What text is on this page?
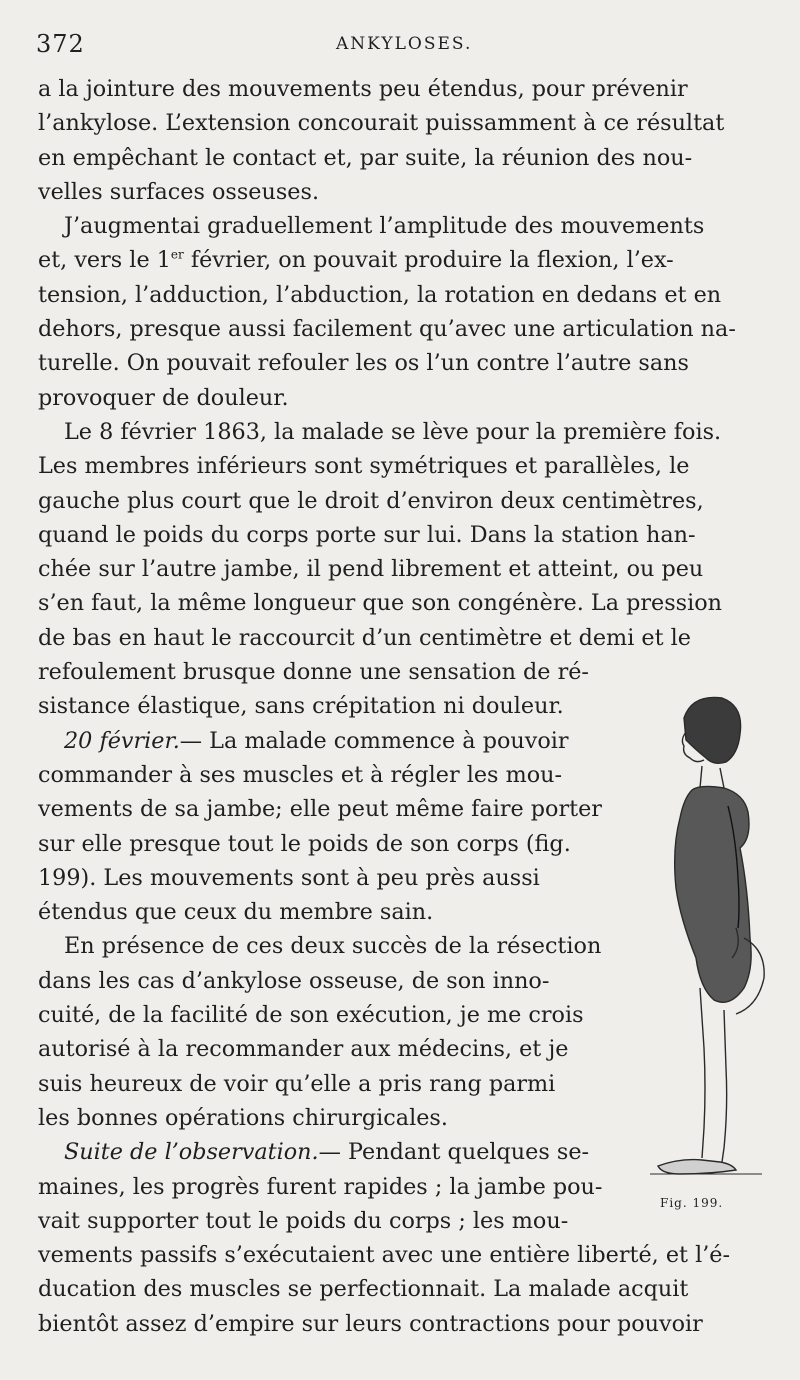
372	ANKYLOSES.
a la jointure des mouvements peu étendus, pour prévenir
l’ankylose. L’extension concourait puissamment à ce résultat
en empêchant le contact et, par suite, la réunion des nou-
velles surfaces osseuses.
J’augmentai graduellement l’amplitude des mouvements
et, vers le 1er février, on pouvait produire la flexion, l’ex-
tension, l’adduction, l’abduction, la rotation en dedans et en
dehors, presque aussi facilement qu’avec une articulation na-
turelle. On pouvait refouler les os l’un contre l’autre sans
provoquer de douleur.
Le 8 février 1863, la malade se lève pour la première fois.
Les membres inférieurs sont symétriques et parallèles, le
gauche plus court que le droit d’environ deux centimètres,
quand le poids du corps porte sur lui. Dans la station han-
chée sur l’autre jambe, il pend librement et atteint, ou peu
s’en faut, la même longueur que son congénère. La pression
de bas en haut le raccourcit d’un centimètre et demi et le
refoulement brusque donne une sensation de ré-
sistance élastique, sans crépitation ni douleur.
20 février.— La malade commence à pouvoir
commander à ses muscles et à régler les mou-
vements de sa jambe; elle peut même faire porter
sur elle presque tout le poids de son corps (fig.
199). Les mouvements sont à peu près aussi
étendus que ceux du membre sain.
En présence de ces deux succès de la résection
dans les cas d’ankylose osseuse, de son inno-
cuité, de la facilité de son exécution, je me crois
autorisé à la recommander aux médecins, et je
suis heureux de voir qu’elle a pris rang parmi
les bonnes opérations chirurgicales.
Suite de l’observation.— Pendant quelques se-
maines, les progrès furent rapides ; la jambe pou-
vait supporter tout le poids du corps ; les mou-
vements passifs s’exécutaient avec une entière liberté, et l’é-
ducation des muscles se perfectionnait. La malade acquit
bientôt assez d’empire sur leurs contractions pour pouvoir
Fig. 199.
